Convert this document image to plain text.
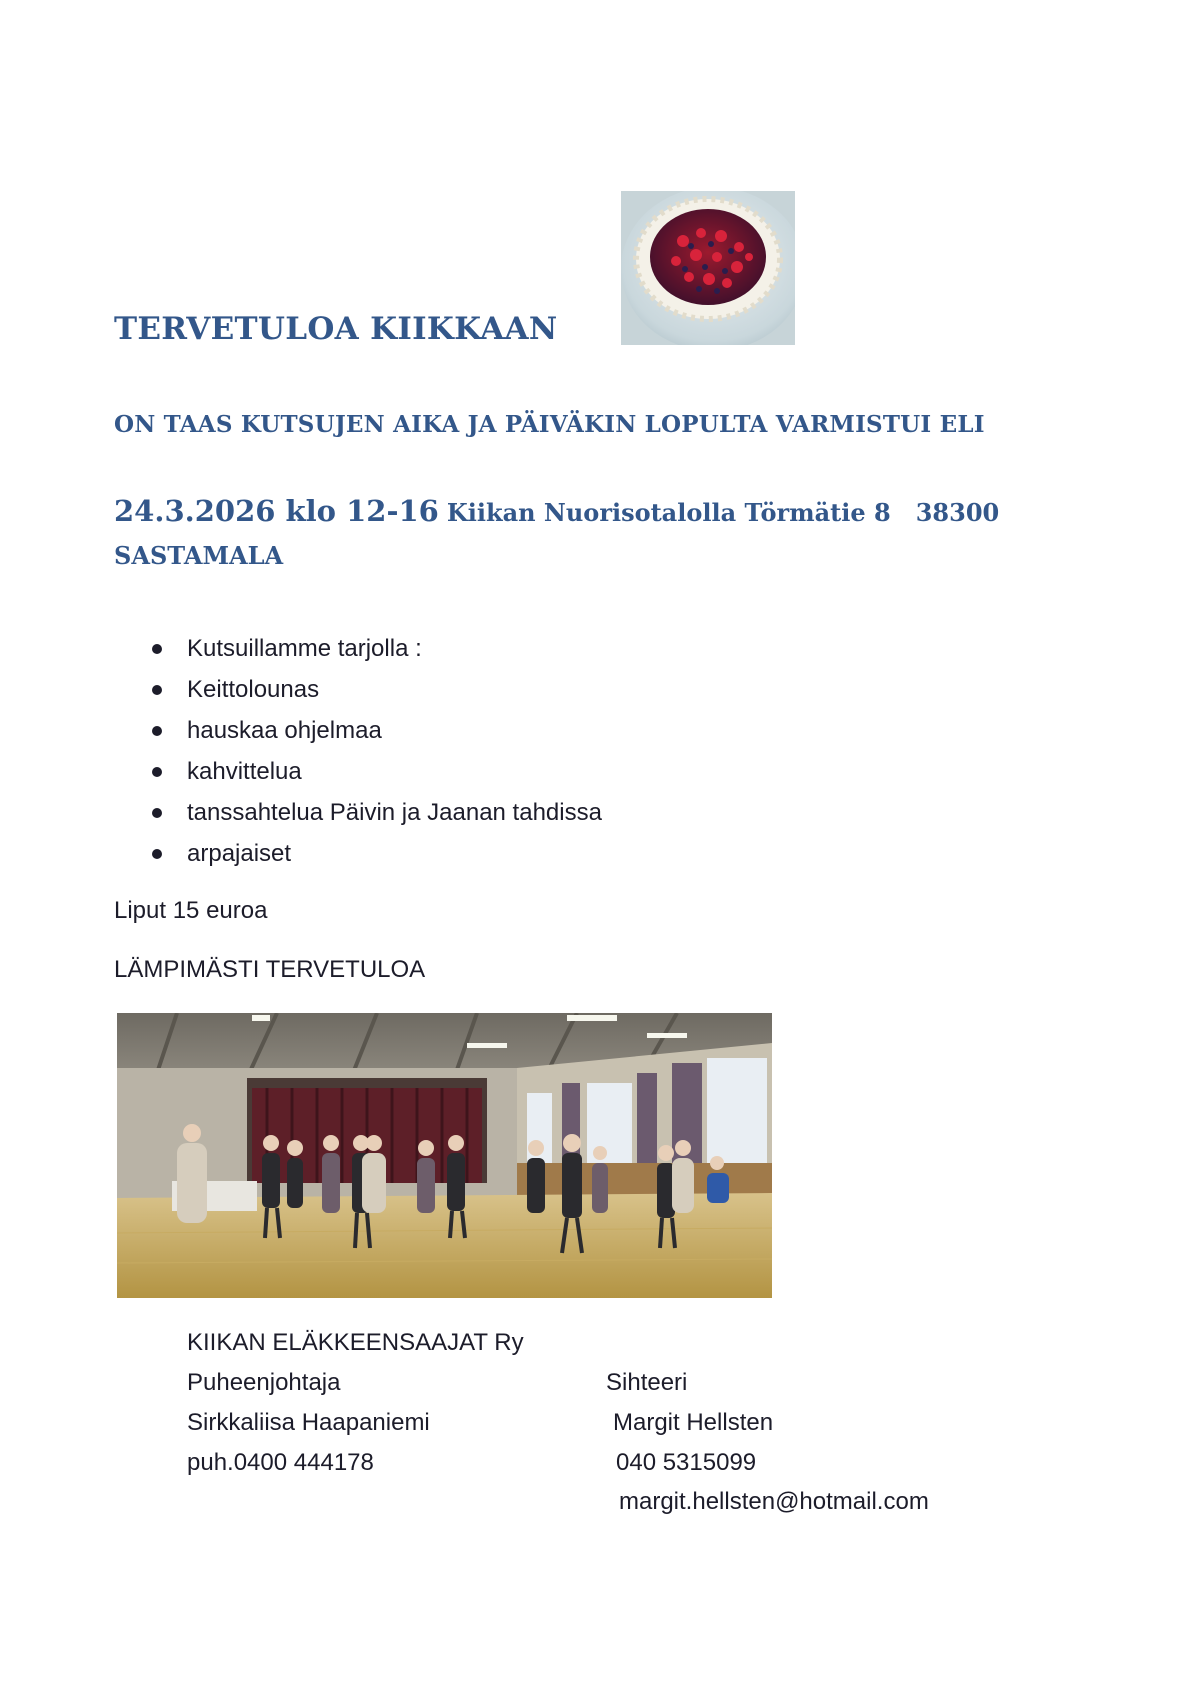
TERVETULOA KIIKKAAN
ON TAAS KUTSUJEN AIKA JA PÄIVÄKIN LOPULTA VARMISTUI ELI
24.3.2026 klo 12-16 Kiikan Nuorisotalolla Törmätie 8   38300
SASTAMALA
Kutsuillamme tarjolla :
Keittolounas
hauskaa ohjelmaa
kahvittelua
tanssahtelua Päivin ja Jaanan tahdissa
arpajaiset
Liput 15 euroa
LÄMPIMÄSTI TERVETULOA
KIIKAN ELÄKKEENSAAJAT Ry
Puheenjohtaja
Sirkkaliisa Haapaniemi
puh.0400 444178
Sihteeri
Margit Hellsten
040 5315099
margit.hellsten@hotmail.com
